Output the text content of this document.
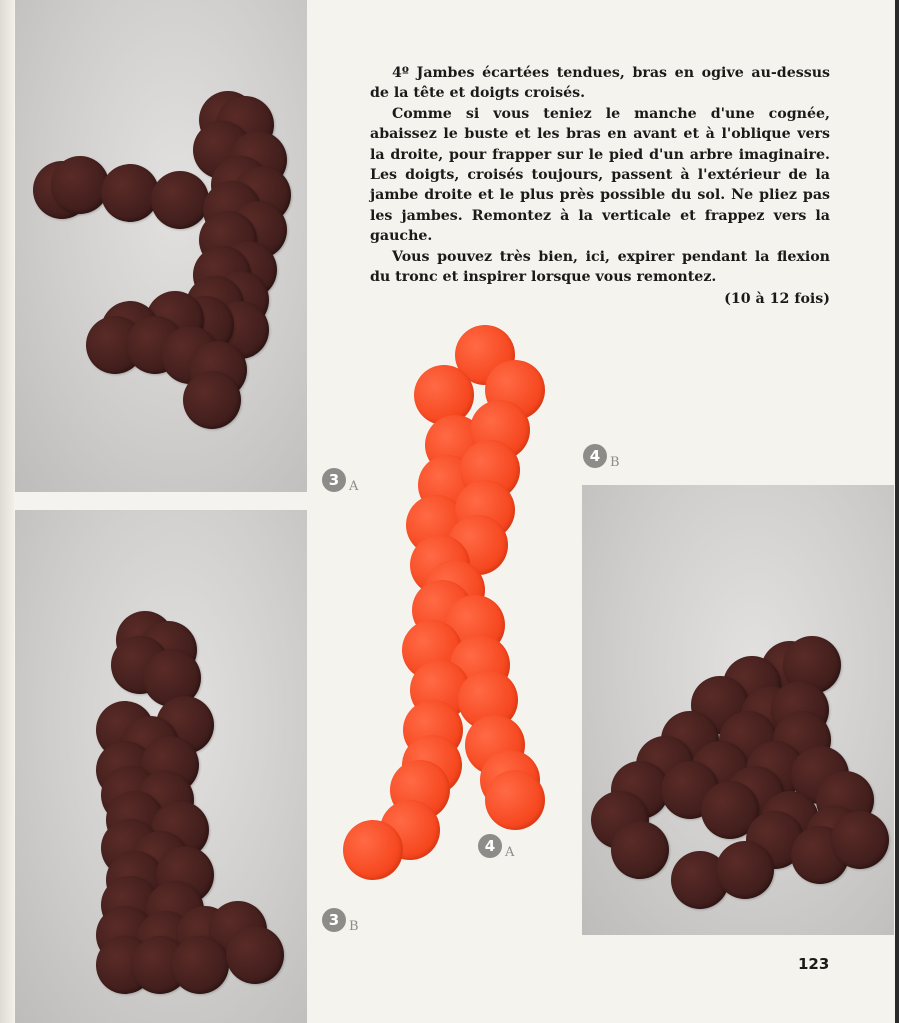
4º Jambes écartées tendues, bras en ogive au-dessus de la tête et doigts croisés.

Comme si vous teniez le manche d'une cognée, abaissez le buste et les bras en avant et à l'oblique vers la droite, pour frapper sur le pied d'un arbre imaginaire. Les doigts, croisés toujours, passent à l'extérieur de la jambe droite et le plus près possible du sol. Ne pliez pas les jambes. Remontez à la verticale et frappez vers la gauche.

Vous pouvez très bien, ici, expirer pendant la flexion du tronc et inspirer lorsque vous remontez.

(10 à 12 fois)
3 A
3 B
4 A
4 B
123
